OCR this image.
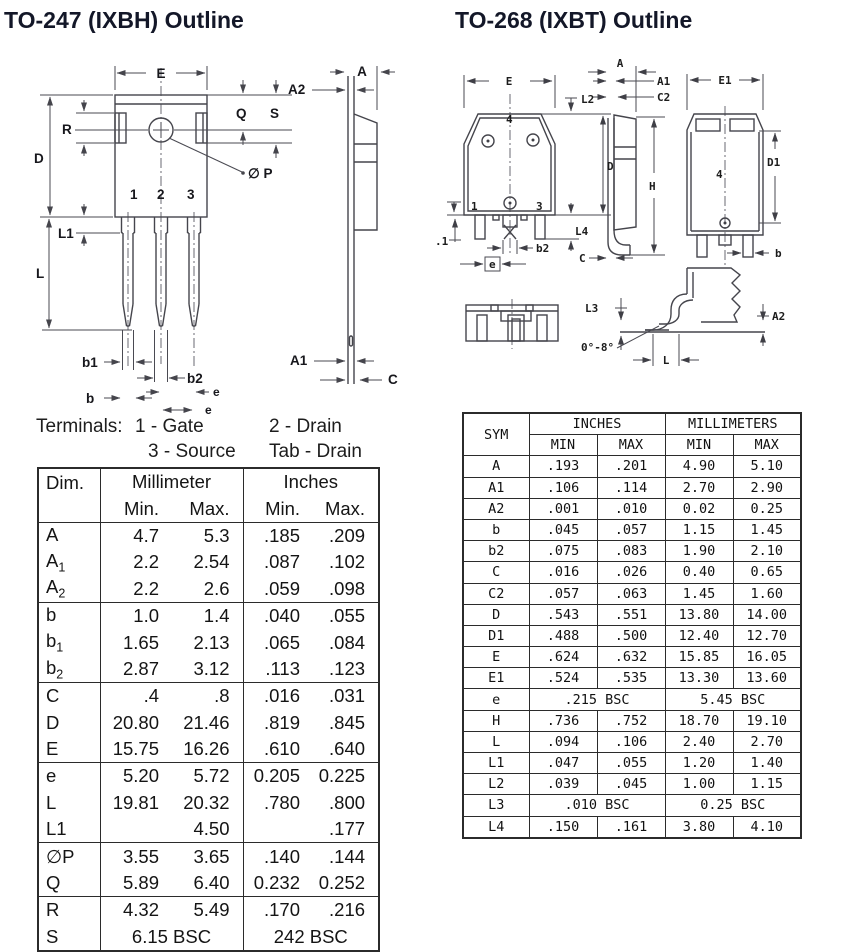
TO-247 (IXBH) Outline	TO-268 (IXBT) Outline
E
Q S
D
R
L1
L
∅ P
1 2 3
b1
b
b2
e
e
A
A2
A1
C
Terminals: 1 - Gate	2 - Drain
3 - Source	Tab - Drain
Dim.	Millimeter		Inches	
	Min.	Max.	Min.	Max.
A	4.7	5.3	.185	.209
$A_1$	2.2	2.54	.087	.102
$A_2$	2.2	2.6	.059	.098
b	1.0	1.4	.040	.055
$b_1$	1.65	2.13	.065	.084
$b_2$	2.87	3.12	.113	.123
C	.4	.8	.016	.031
D	20.80	21.46	.819	.845
E	15.75	16.26	.610	.640
e	5.20	5.72	0.205	0.225
L	19.81	20.32	.780	.800
L1		4.50		.177
∅P	3.55	3.65	.140	.144
Q	5.89	6.40	0.232	0.252
R	4.32	5.49	.170	.216
S	6.15 BSC		242 BSC	
E
L2
D
L4
b2
e
.1
1	3
4
A
A1
C2
H
C
E1
D1
4
b
A2
L3
0°-8°
L
SYM	INCHES		MILLIMETERS	
	MIN	MAX	MIN	MAX
A	.193	.201	4.90	5.10
A1	.106	.114	2.70	2.90
A2	.001	.010	0.02	0.25
b	.045	.057	1.15	1.45
b2	.075	.083	1.90	2.10
C	.016	.026	0.40	0.65
C2	.057	.063	1.45	1.60
D	.543	.551	13.80	14.00
D1	.488	.500	12.40	12.70
E	.624	.632	15.85	16.05
E1	.524	.535	13.30	13.60
e	.215 BSC		5.45 BSC	
H	.736	.752	18.70	19.10
L	.094	.106	2.40	2.70
L1	.047	.055	1.20	1.40
L2	.039	.045	1.00	1.15
L3	.010 BSC		0.25 BSC	
L4	.150	.161	3.80	4.10
